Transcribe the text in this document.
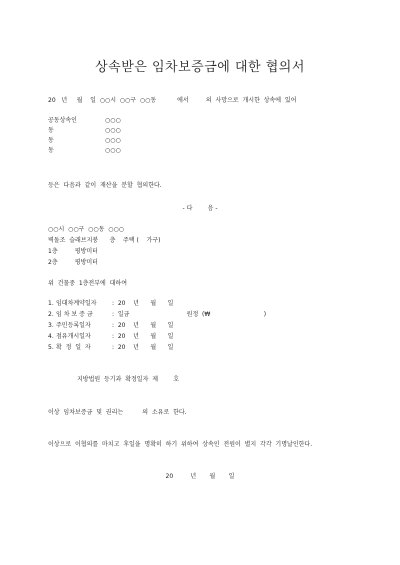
상속받은 임차보증금에 대한 협의서
20   년     월    일  ○○시  ○○구  ○○동           에서         의  사망으로  개시한  상속에  있어
공동상속인	○○○
동	○○○
동	○○○
동	○○○
등은  다음과  같이  재산을  분할  협의한다.
- 다        음 -
○○시  ○○구  ○○동  ○○○
벽돌조  슬래브지붕      층    주택 (    가구)
1층         평방미터
2층         평방미터
위  건물중  1층전부에  대하여
1. 임대차계약일자	:  20    년      월      일
2. 임 차 보 증 금	:  일금                              원정  (₩                            )
3. 주민등록일자	:  20    년      월      일
4. 점유개시일자	:  20    년      월      일
5. 확  정  일  자	:  20    년      월      일
지방법원  등기과  확정일자  제        호
이상  임차보증금  및  권리는          의  소유로  한다.
이상으로  이협의를  마치고  후일을  명확히  하기  위하여  상속인  전원이  별지  각각  기명날인한다.
20         년       월       일
